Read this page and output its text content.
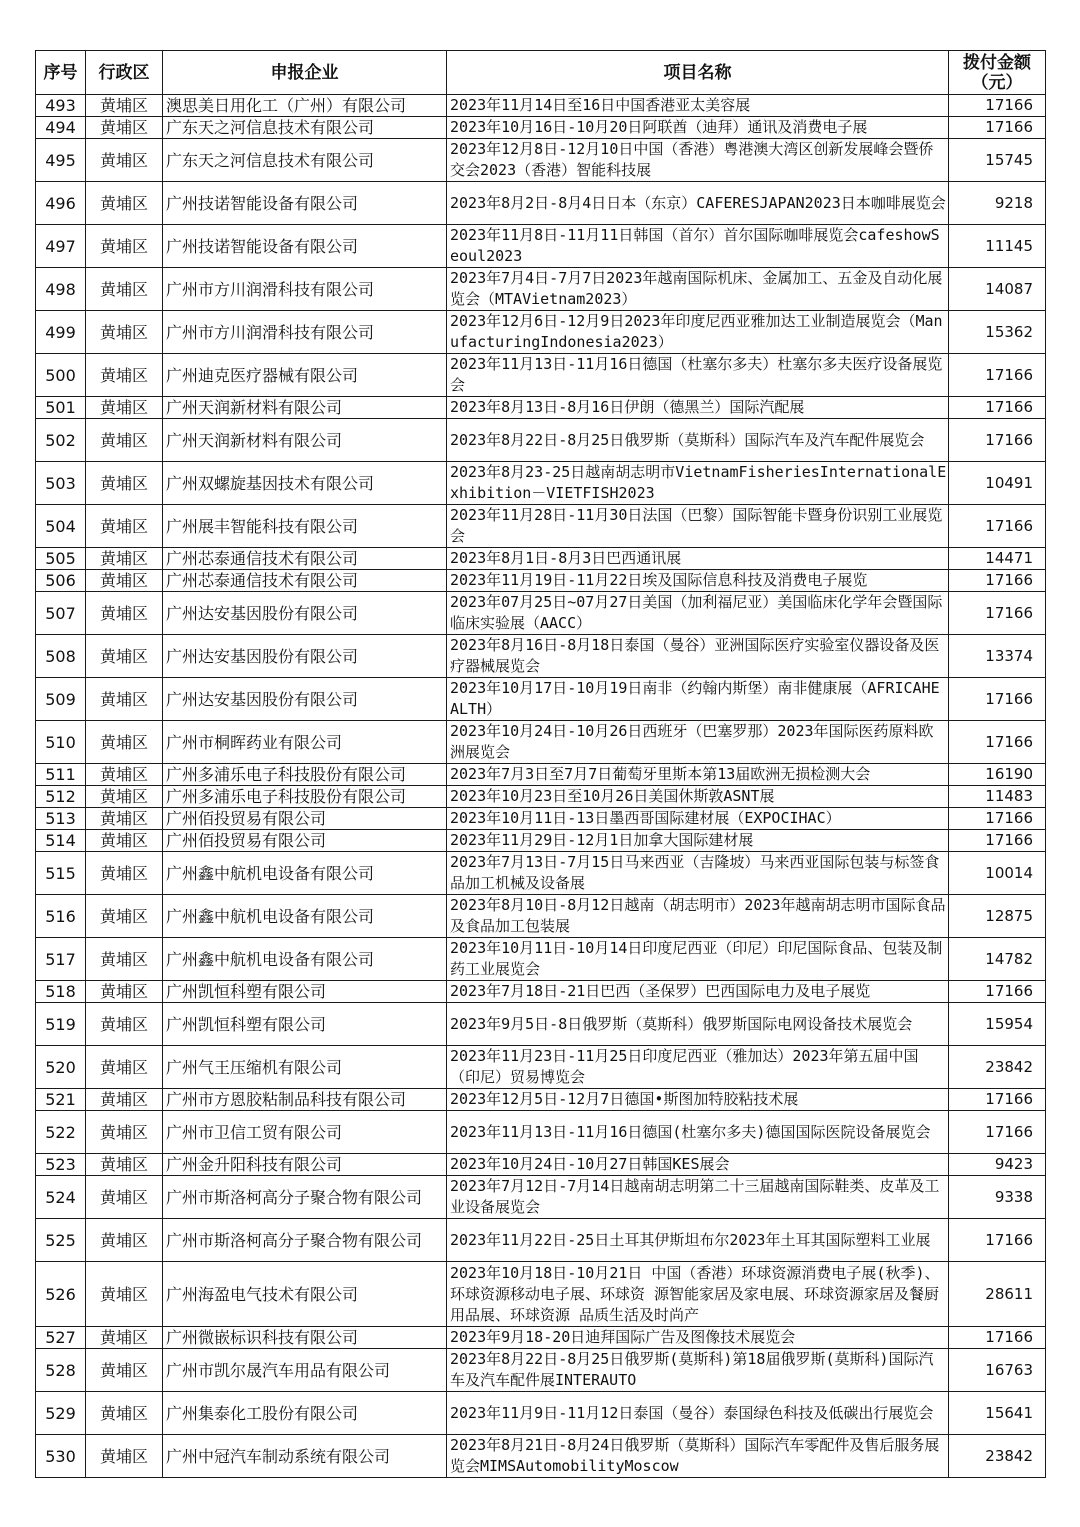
序号	行政区	申报企业	项目名称	拨付金额（元）
493	黄埔区	澳思美日用化工（广州）有限公司	2023年11月14日至16日中国香港亚太美容展	17166
494	黄埔区	广东天之河信息技术有限公司	2023年10月16日-10月20日阿联酋（迪拜）通讯及消费电子展	17166
495	黄埔区	广东天之河信息技术有限公司	2023年12月8日-12月10日中国（香港）粤港澳大湾区创新发展峰会暨侨交会2023（香港）智能科技展	15745
496	黄埔区	广州技诺智能设备有限公司	2023年8月2日-8月4日日本（东京）CAFERESJAPAN2023日本咖啡展览会	9218
497	黄埔区	广州技诺智能设备有限公司	2023年11月8日-11月11日韩国（首尔）首尔国际咖啡展览会cafeshowSeoul2023	11145
498	黄埔区	广州市方川润滑科技有限公司	2023年7月4日-7月7日2023年越南国际机床、金属加工、五金及自动化展览会（MTAVietnam2023）	14087
499	黄埔区	广州市方川润滑科技有限公司	2023年12月6日-12月9日2023年印度尼西亚雅加达工业制造展览会（ManufacturingIndonesia2023）	15362
500	黄埔区	广州迪克医疗器械有限公司	2023年11月13日-11月16日德国（杜塞尔多夫）杜塞尔多夫医疗设备展览会	17166
501	黄埔区	广州天润新材料有限公司	2023年8月13日-8月16日伊朗（德黑兰）国际汽配展	17166
502	黄埔区	广州天润新材料有限公司	2023年8月22日-8月25日俄罗斯（莫斯科）国际汽车及汽车配件展览会	17166
503	黄埔区	广州双螺旋基因技术有限公司	2023年8月23-25日越南胡志明市VietnamFisheriesInternationalExhibition－VIETFISH2023	10491
504	黄埔区	广州展丰智能科技有限公司	2023年11月28日-11月30日法国（巴黎）国际智能卡暨身份识别工业展览会	17166
505	黄埔区	广州芯泰通信技术有限公司	2023年8月1日-8月3日巴西通讯展	14471
506	黄埔区	广州芯泰通信技术有限公司	2023年11月19日-11月22日埃及国际信息科技及消费电子展览	17166
507	黄埔区	广州达安基因股份有限公司	2023年07月25日~07月27日美国（加利福尼亚）美国临床化学年会暨国际临床实验展（AACC）	17166
508	黄埔区	广州达安基因股份有限公司	2023年8月16日-8月18日泰国（曼谷）亚洲国际医疗实验室仪器设备及医疗器械展览会	13374
509	黄埔区	广州达安基因股份有限公司	2023年10月17日-10月19日南非（约翰内斯堡）南非健康展（AFRICAHEALTH）	17166
510	黄埔区	广州市桐晖药业有限公司	2023年10月24日-10月26日西班牙（巴塞罗那）2023年国际医药原料欧洲展览会	17166
511	黄埔区	广州多浦乐电子科技股份有限公司	2023年7月3日至7月7日葡萄牙里斯本第13届欧洲无损检测大会	16190
512	黄埔区	广州多浦乐电子科技股份有限公司	2023年10月23日至10月26日美国休斯敦ASNT展	11483
513	黄埔区	广州佰投贸易有限公司	2023年10月11日-13日墨西哥国际建材展（EXPOCIHAC）	17166
514	黄埔区	广州佰投贸易有限公司	2023年11月29日-12月1日加拿大国际建材展	17166
515	黄埔区	广州鑫中航机电设备有限公司	2023年7月13日-7月15日马来西亚（吉隆坡）马来西亚国际包装与标签食品加工机械及设备展	10014
516	黄埔区	广州鑫中航机电设备有限公司	2023年8月10日-8月12日越南（胡志明市）2023年越南胡志明市国际食品及食品加工包装展	12875
517	黄埔区	广州鑫中航机电设备有限公司	2023年10月11日-10月14日印度尼西亚（印尼）印尼国际食品、包装及制药工业展览会	14782
518	黄埔区	广州凯恒科塑有限公司	2023年7月18日-21日巴西（圣保罗）巴西国际电力及电子展览	17166
519	黄埔区	广州凯恒科塑有限公司	2023年9月5日-8日俄罗斯（莫斯科）俄罗斯国际电网设备技术展览会	15954
520	黄埔区	广州气王压缩机有限公司	2023年11月23日-11月25日印度尼西亚（雅加达）2023年第五届中国（印尼）贸易博览会	23842
521	黄埔区	广州市方恩胶粘制品科技有限公司	2023年12月5日-12月7日德国•斯图加特胶粘技术展	17166
522	黄埔区	广州市卫信工贸有限公司	2023年11月13日-11月16日德国(杜塞尔多夫)德国国际医院设备展览会	17166
523	黄埔区	广州金升阳科技有限公司	2023年10月24日-10月27日韩国KES展会	9423
524	黄埔区	广州市斯洛柯高分子聚合物有限公司	2023年7月12日-7月14日越南胡志明第二十三届越南国际鞋类、皮革及工业设备展览会	9338
525	黄埔区	广州市斯洛柯高分子聚合物有限公司	2023年11月22日-25日土耳其伊斯坦布尔2023年土耳其国际塑料工业展	17166
526	黄埔区	广州海盈电气技术有限公司	2023年10月18日-10月21日 中国（香港）环球资源消费电子展(秋季)、环球资源移动电子展、环球资 源智能家居及家电展、环球资源家居及餐厨用品展、环球资源 品质生活及时尚产	28611
527	黄埔区	广州微嵌标识科技有限公司	2023年9月18-20日迪拜国际广告及图像技术展览会	17166
528	黄埔区	广州市凯尔晟汽车用品有限公司	2023年8月22日-8月25日俄罗斯(莫斯科)第18届俄罗斯(莫斯科)国际汽车及汽车配件展INTERAUTO	16763
529	黄埔区	广州集泰化工股份有限公司	2023年11月9日-11月12日泰国（曼谷）泰国绿色科技及低碳出行展览会	15641
530	黄埔区	广州中冠汽车制动系统有限公司	2023年8月21日-8月24日俄罗斯（莫斯科）国际汽车零配件及售后服务展览会MIMSAutomobilityMoscow	23842
